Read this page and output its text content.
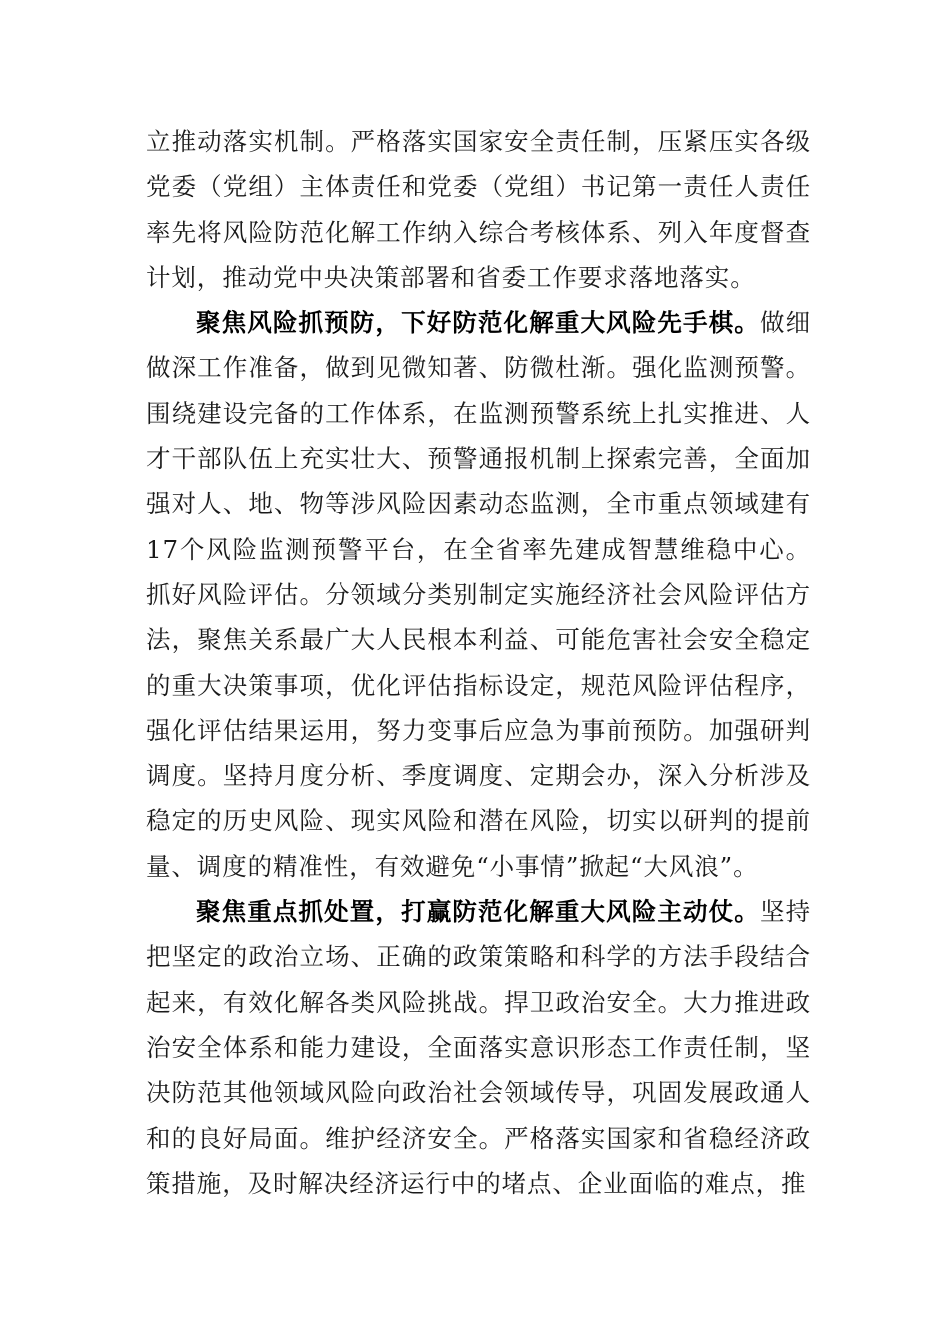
立推动落实机制。严格落实国家安全责任制，压紧压实各级党委（党组）主体责任和党委（党组）书记第一责任人责任率先将风险防范化解工作纳入综合考核体系、列入年度督查计划，推动党中央决策部署和省委工作要求落地落实。

聚焦风险抓预防，下好防范化解重大风险先手棋。做细做深工作准备，做到见微知著、防微杜渐。强化监测预警。围绕建设完备的工作体系，在监测预警系统上扎实推进、人才干部队伍上充实壮大、预警通报机制上探索完善，全面加强对人、地、物等涉风险因素动态监测，全市重点领域建有17个风险监测预警平台，在全省率先建成智慧维稳中心。抓好风险评估。分领域分类别制定实施经济社会风险评估方法，聚焦关系最广大人民根本利益、可能危害社会安全稳定的重大决策事项，优化评估指标设定，规范风险评估程序，强化评估结果运用，努力变事后应急为事前预防。加强研判调度。坚持月度分析、季度调度、定期会办，深入分析涉及稳定的历史风险、现实风险和潜在风险，切实以研判的提前量、调度的精准性，有效避免“小事情”掀起“大风浪”。

聚焦重点抓处置，打赢防范化解重大风险主动仗。坚持把坚定的政治立场、正确的政策策略和科学的方法手段结合起来，有效化解各类风险挑战。捍卫政治安全。大力推进政治安全体系和能力建设，全面落实意识形态工作责任制，坚决防范其他领域风险向政治社会领域传导，巩固发展政通人和的良好局面。维护经济安全。严格落实国家和省稳经济政策措施，及时解决经济运行中的堵点、企业面临的难点，推
